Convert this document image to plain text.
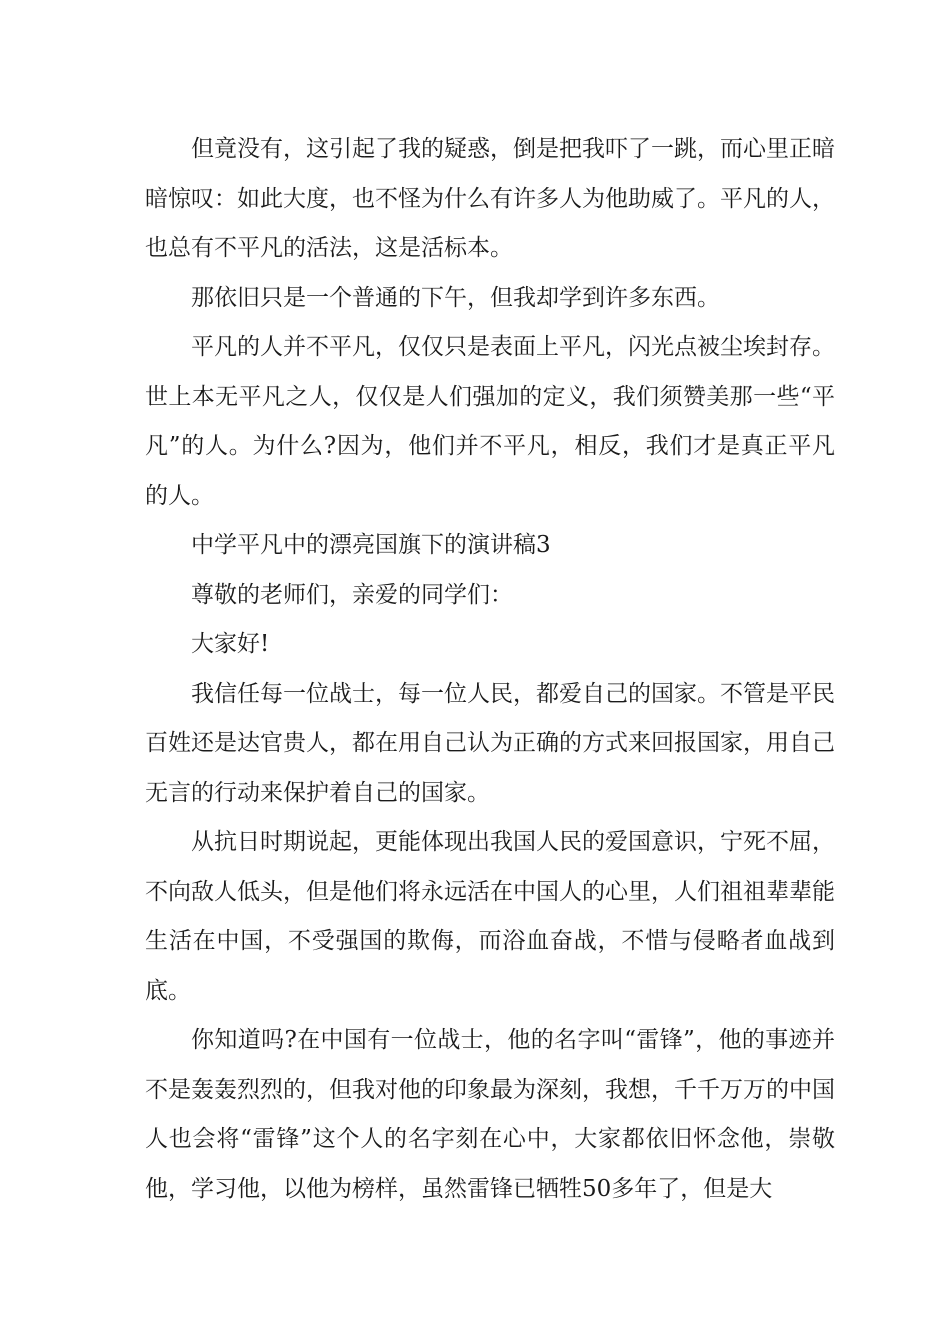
但竟没有，这引起了我的疑惑，倒是把我吓了一跳，而心里正暗暗惊叹：如此大度，也不怪为什么有许多人为他助威了。平凡的人，也总有不平凡的活法，这是活标本。

那依旧只是一个普通的下午，但我却学到许多东西。

平凡的人并不平凡，仅仅只是表面上平凡，闪光点被尘埃封存。世上本无平凡之人，仅仅是人们强加的定义，我们须赞美那一些“平凡”的人。为什么?因为，他们并不平凡，相反，我们才是真正平凡的人。

中学平凡中的漂亮国旗下的演讲稿3

尊敬的老师们，亲爱的同学们：

大家好!

我信任每一位战士，每一位人民，都爱自己的国家。不管是平民百姓还是达官贵人，都在用自己认为正确的方式来回报国家，用自己无言的行动来保护着自己的国家。

从抗日时期说起，更能体现出我国人民的爱国意识，宁死不屈，不向敌人低头，但是他们将永远活在中国人的心里，人们祖祖辈辈能生活在中国，不受强国的欺侮，而浴血奋战，不惜与侵略者血战到底。

你知道吗?在中国有一位战士，他的名字叫“雷锋”，他的事迹并不是轰轰烈烈的，但我对他的印象最为深刻，我想，千千万万的中国人也会将“雷锋”这个人的名字刻在心中，大家都依旧怀念他，崇敬他，学习他，以他为榜样，虽然雷锋已牺牲50多年了，但是大
